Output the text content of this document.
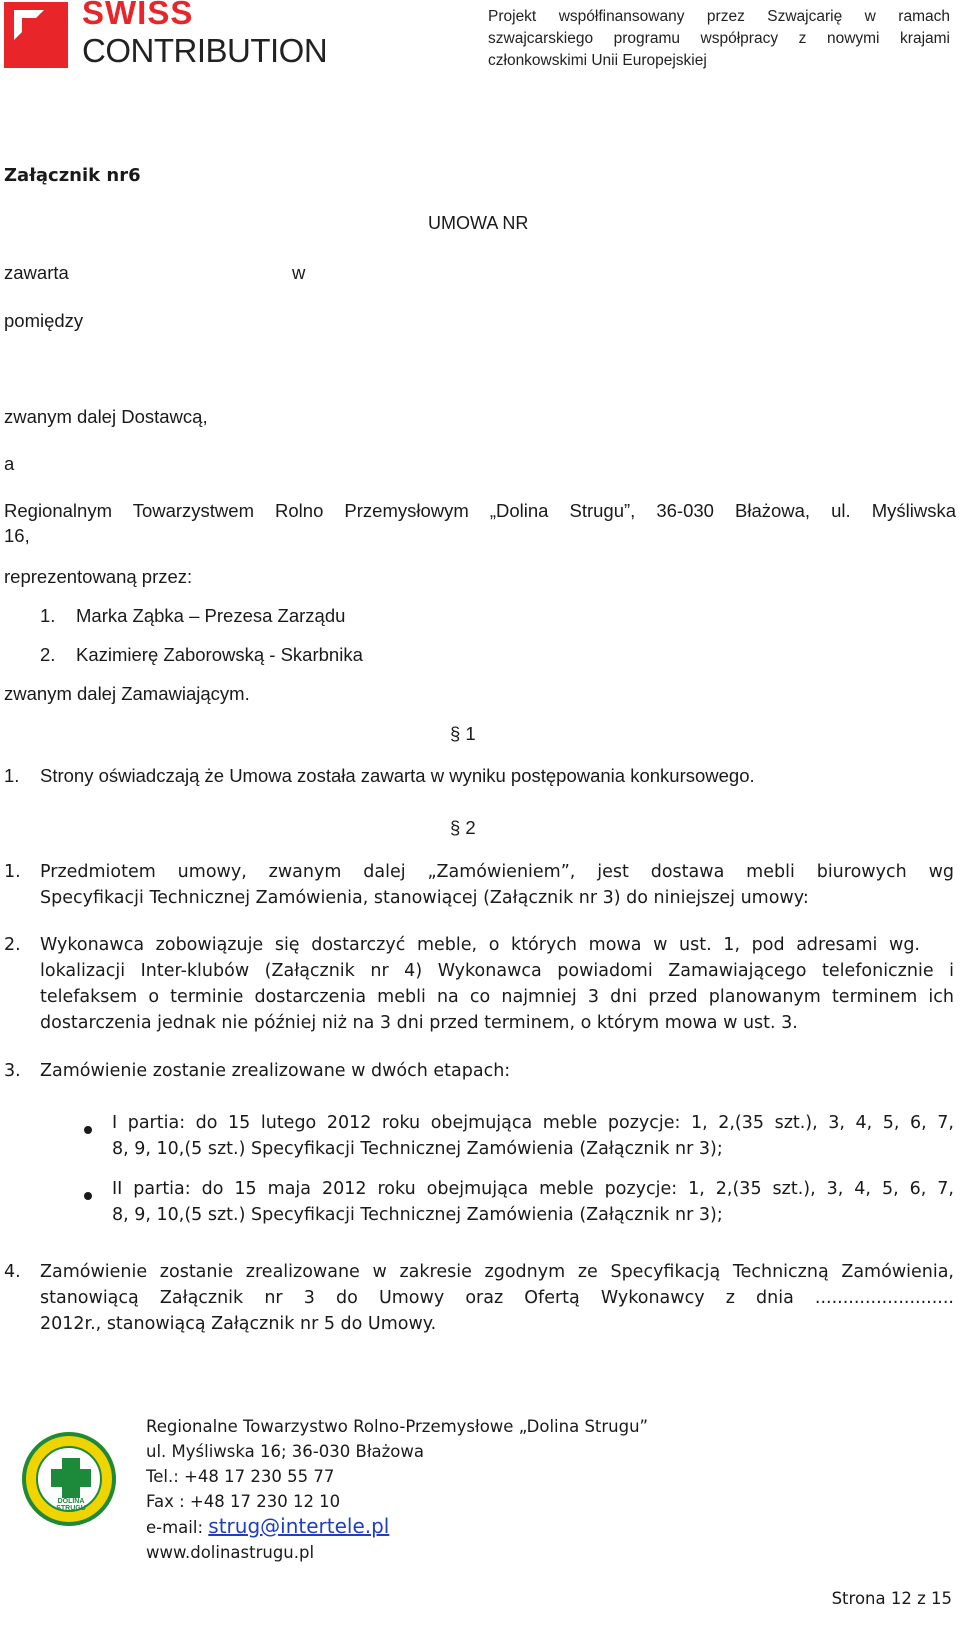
SWISS
CONTRIBUTION
Projekt współfinansowany przez Szwajcarię w ramach
szwajcarskiego programu współpracy z nowymi krajami
członkowskimi Unii Europejskiej
Załącznik nr6
UMOWA NR
zawarta	w
pomiędzy
zwanym dalej Dostawcą,
a
Regionalnym Towarzystwem Rolno Przemysłowym „Dolina Strugu”, 36-030 Błażowa, ul. Myśliwska
16,
reprezentowaną przez:
1. Marka Ząbka – Prezesa Zarządu
2. Kazimierę Zaborowską - Skarbnika
zwanym dalej Zamawiającym.
§ 1
1. Strony oświadczają że Umowa została zawarta w wyniku postępowania konkursowego.
§ 2
1. Przedmiotem umowy, zwanym dalej „Zamówieniem”, jest dostawa mebli biurowych wg
Specyfikacji Technicznej Zamówienia, stanowiącej (Załącznik nr 3) do niniejszej umowy:
2. Wykonawca zobowiązuje się dostarczyć meble, o których mowa w ust. 1, pod adresami wg.
lokalizacji Inter-klubów (Załącznik nr 4) Wykonawca powiadomi Zamawiającego telefonicznie i
telefaksem o terminie dostarczenia mebli na co najmniej 3 dni przed planowanym terminem ich
dostarczenia jednak nie później niż na 3 dni przed terminem, o którym mowa w ust. 3.
3. Zamówienie zostanie zrealizowane w dwóch etapach:
I partia: do 15 lutego 2012 roku obejmująca meble pozycje: 1, 2,(35 szt.), 3, 4, 5, 6, 7,
8, 9, 10,(5 szt.) Specyfikacji Technicznej Zamówienia (Załącznik nr 3);
II partia: do 15 maja 2012 roku obejmująca meble pozycje: 1, 2,(35 szt.), 3, 4, 5, 6, 7,
8, 9, 10,(5 szt.) Specyfikacji Technicznej Zamówienia (Załącznik nr 3);
4. Zamówienie zostanie zrealizowane w zakresie zgodnym ze Specyfikacją Techniczną Zamówienia,
stanowiącą Załącznik nr 3 do Umowy oraz Ofertą Wykonawcy z dnia .........................
2012r., stanowiącą Załącznik nr 5 do Umowy.
DOLINA STRUGU
Regionalne Towarzystwo Rolno-Przemysłowe „Dolina Strugu”
ul. Myśliwska 16; 36-030 Błażowa
Tel.: +48 17 230 55 77
Fax : +48 17 230 12 10
e-mail: strug@intertele.pl
www.dolinastrugu.pl
Strona 12 z 15
